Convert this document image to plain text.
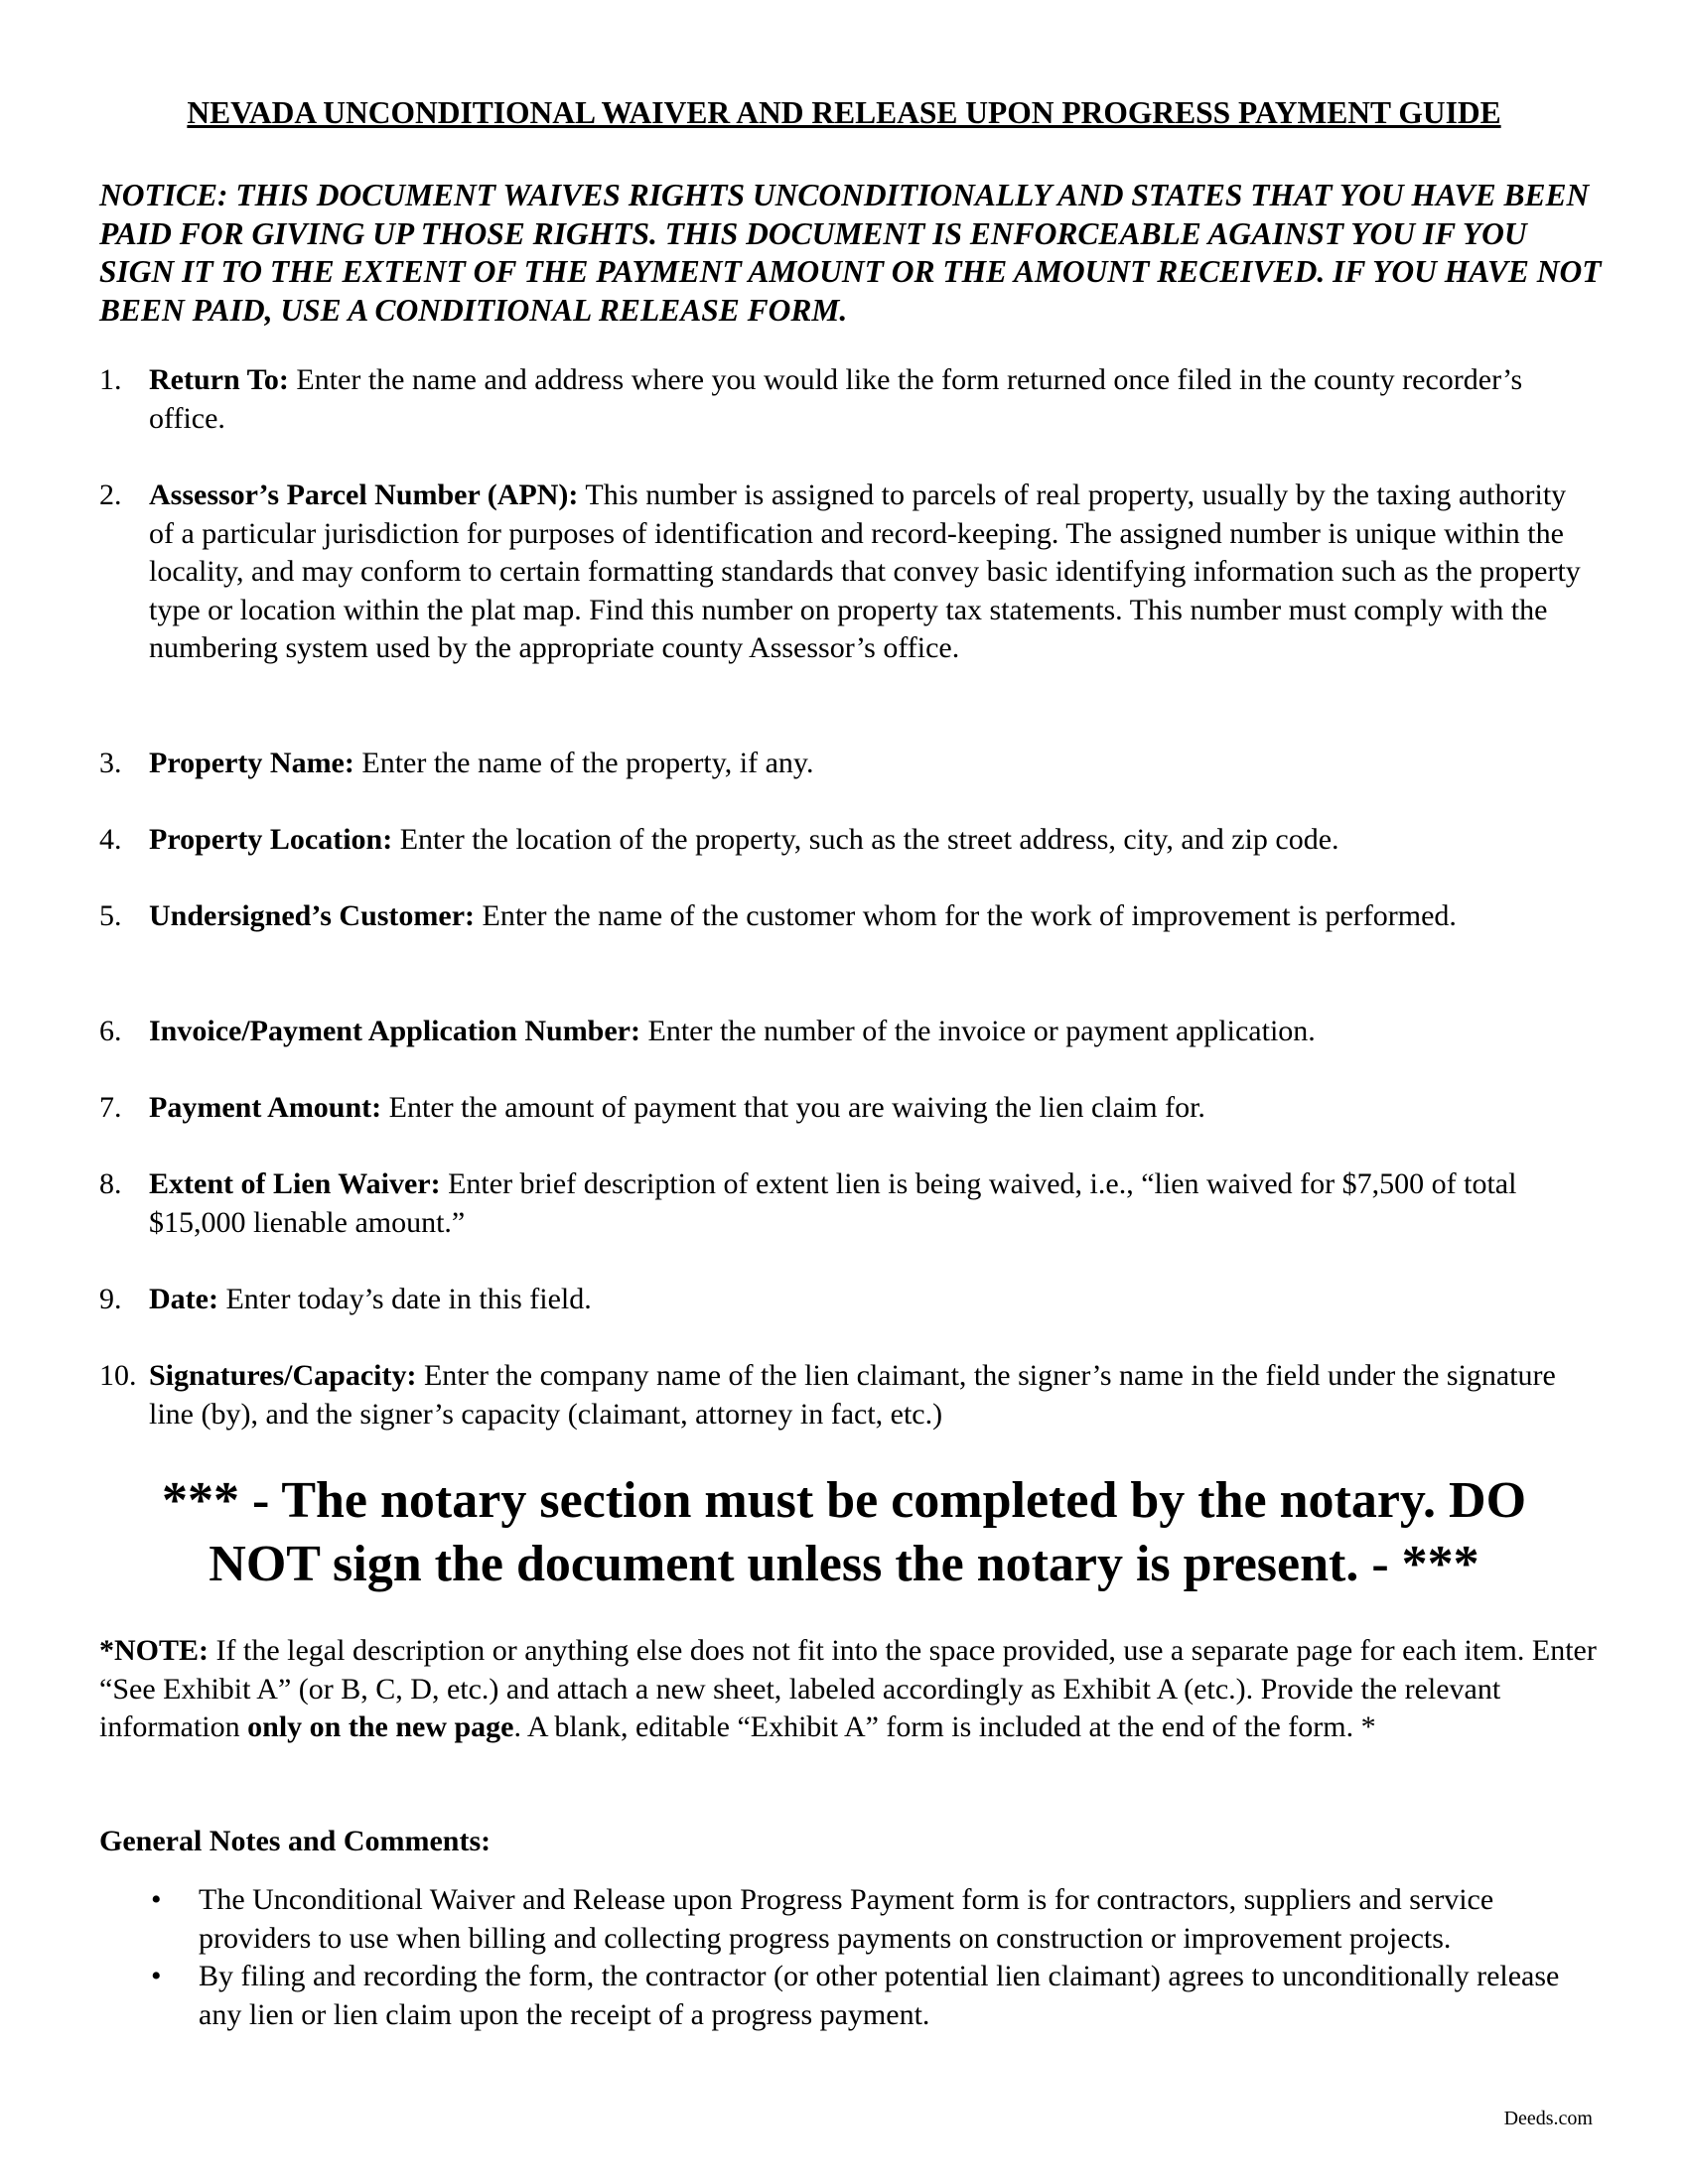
NEVADA UNCONDITIONAL WAIVER AND RELEASE UPON PROGRESS PAYMENT GUIDE
NOTICE: THIS DOCUMENT WAIVES RIGHTS UNCONDITIONALLY AND STATES THAT YOU HAVE BEEN PAID FOR GIVING UP THOSE RIGHTS. THIS DOCUMENT IS ENFORCEABLE AGAINST YOU IF YOU SIGN IT TO THE EXTENT OF THE PAYMENT AMOUNT OR THE AMOUNT RECEIVED. IF YOU HAVE NOT BEEN PAID, USE A CONDITIONAL RELEASE FORM.
1. Return To: Enter the name and address where you would like the form returned once filed in the county recorder’s office.
2. Assessor’s Parcel Number (APN): This number is assigned to parcels of real property, usually by the taxing authority of a particular jurisdiction for purposes of identification and record-keeping. The assigned number is unique within the locality, and may conform to certain formatting standards that convey basic identifying information such as the property type or location within the plat map. Find this number on property tax statements. This number must comply with the numbering system used by the appropriate county Assessor’s office.
3. Property Name: Enter the name of the property, if any.
4. Property Location: Enter the location of the property, such as the street address, city, and zip code.
5. Undersigned’s Customer: Enter the name of the customer whom for the work of improvement is performed.
6. Invoice/Payment Application Number: Enter the number of the invoice or payment application.
7. Payment Amount: Enter the amount of payment that you are waiving the lien claim for.
8. Extent of Lien Waiver: Enter brief description of extent lien is being waived, i.e., “lien waived for $7,500 of total $15,000 lienable amount.”
9. Date: Enter today’s date in this field.
10. Signatures/Capacity: Enter the company name of the lien claimant, the signer’s name in the field under the signature line (by), and the signer’s capacity (claimant, attorney in fact, etc.)
*** - The notary section must be completed by the notary. DO
NOT sign the document unless the notary is present. - ***
*NOTE: If the legal description or anything else does not fit into the space provided, use a separate page for each item. Enter “See Exhibit A” (or B, C, D, etc.) and attach a new sheet, labeled accordingly as Exhibit A (etc.). Provide the relevant information only on the new page. A blank, editable “Exhibit A” form is included at the end of the form. *
General Notes and Comments:
• The Unconditional Waiver and Release upon Progress Payment form is for contractors, suppliers and service providers to use when billing and collecting progress payments on construction or improvement projects.
• By filing and recording the form, the contractor (or other potential lien claimant) agrees to unconditionally release any lien or lien claim upon the receipt of a progress payment.
Deeds.com
